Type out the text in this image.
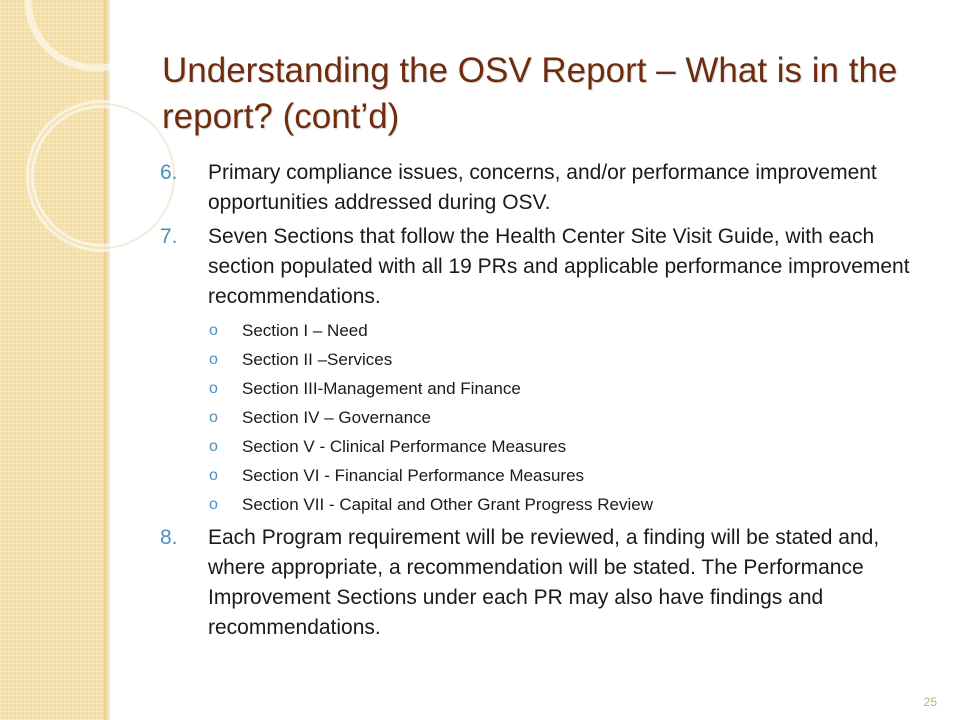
Understanding the OSV Report – What is in the report? (cont’d)
6.	Primary compliance issues, concerns, and/or performance improvement opportunities addressed during OSV.
7.	Seven Sections that follow the Health Center Site Visit Guide, with each section populated with all 19 PRs and applicable performance improvement recommendations.
o Section I – Need
o Section II –Services
o Section III-Management and Finance
o Section IV – Governance
o Section V - Clinical Performance Measures
o Section VI - Financial Performance Measures
o Section VII - Capital and Other Grant Progress Review
8.	Each Program requirement will be reviewed, a finding will be stated and, where appropriate, a recommendation will be stated. The Performance Improvement Sections under each PR may also have findings and recommendations.
25
